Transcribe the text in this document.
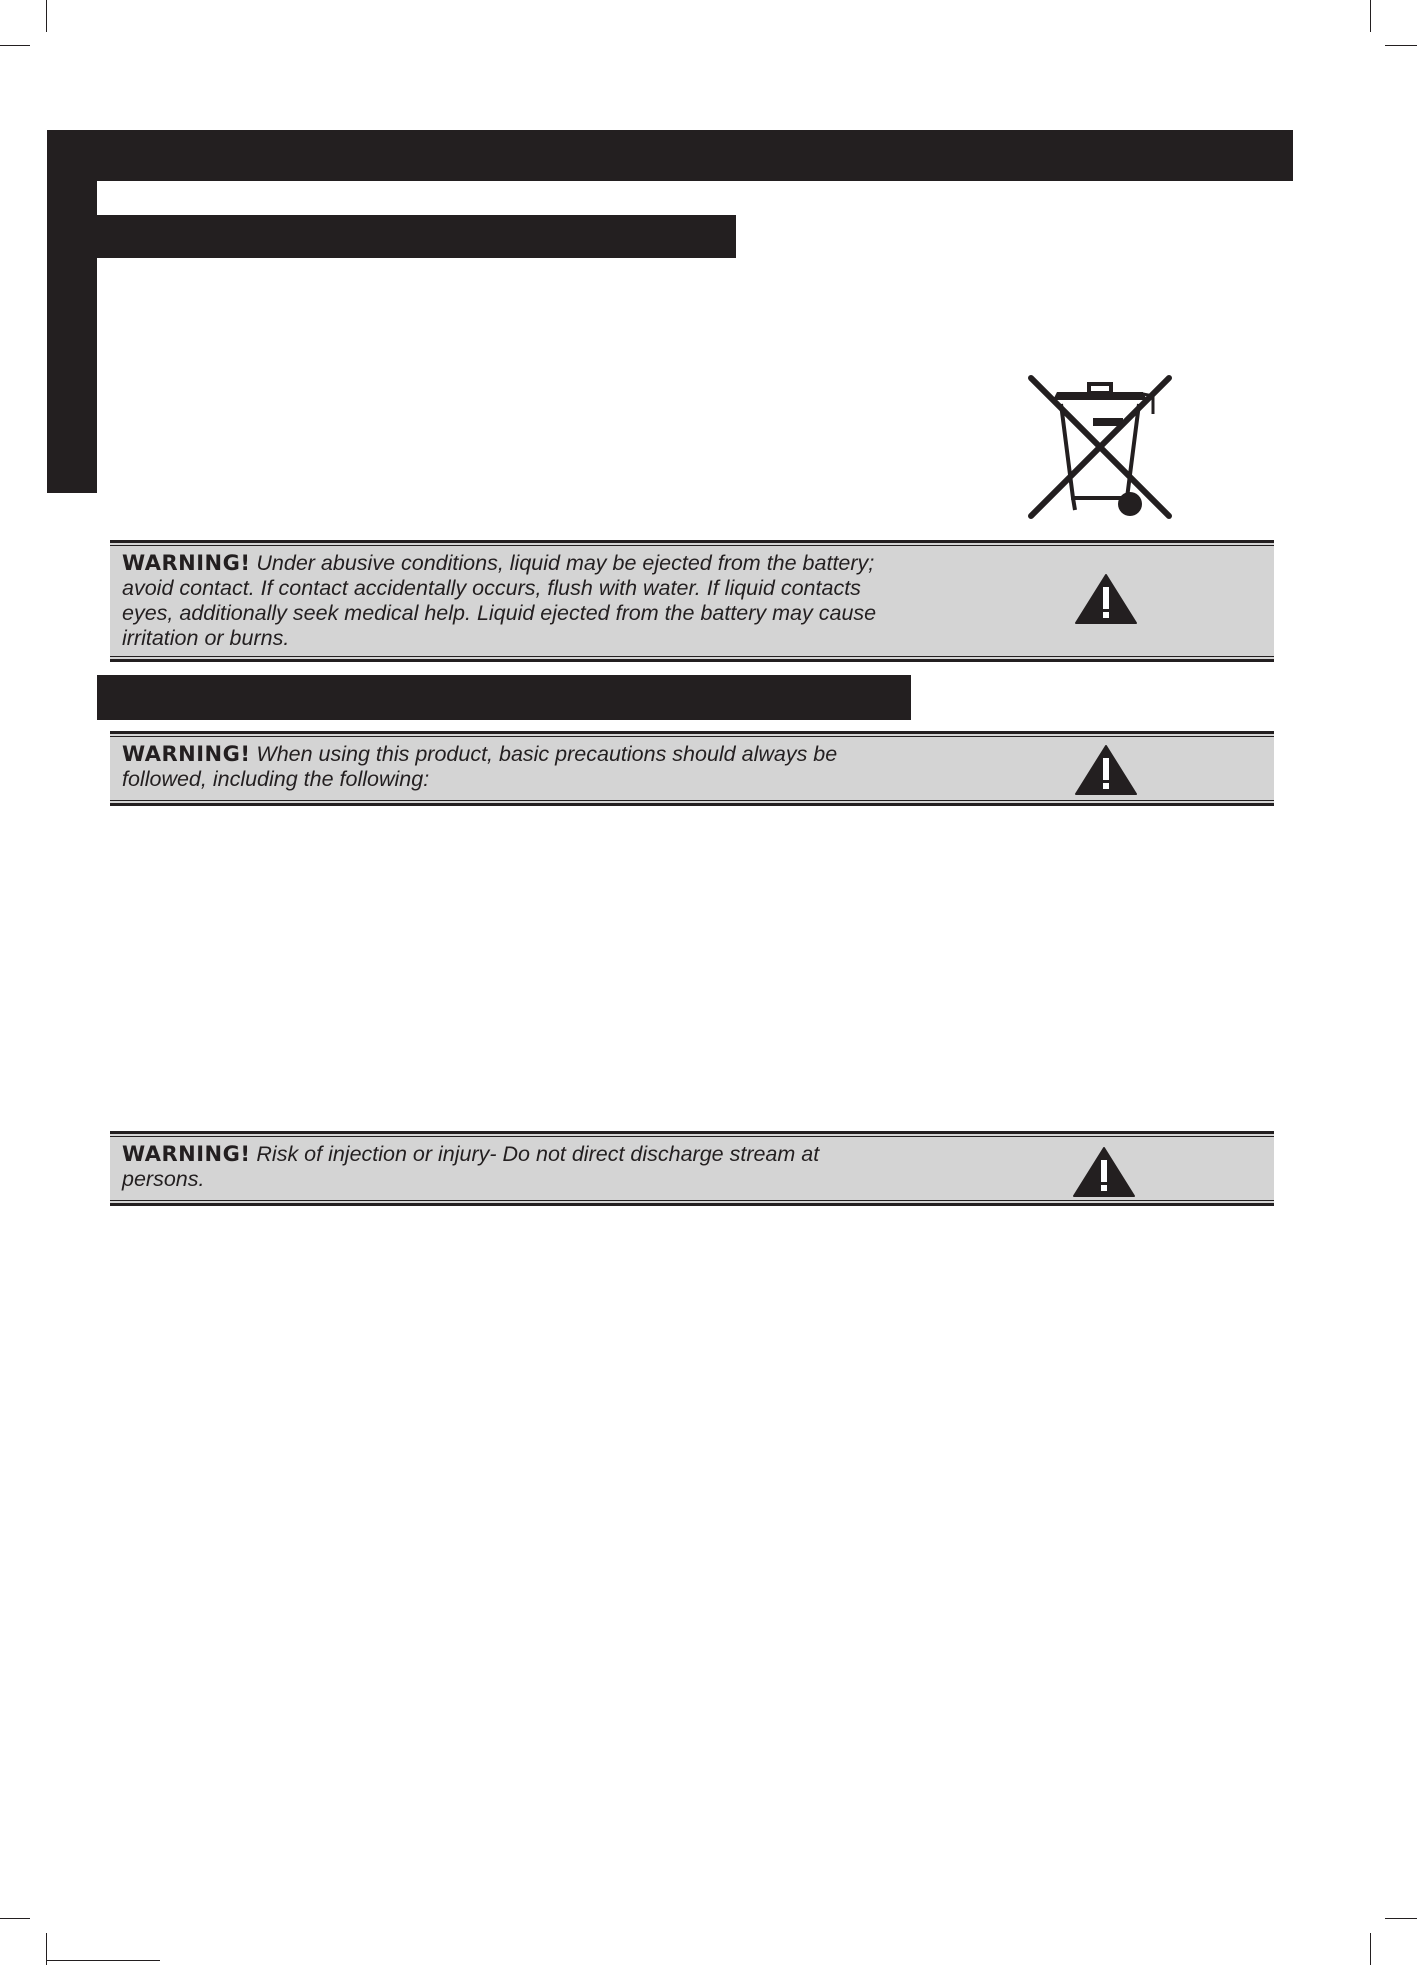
WARNING! Under abusive conditions, liquid may be ejected from the battery; avoid contact. If contact accidentally occurs, flush with water. If liquid contacts eyes, additionally seek medical help. Liquid ejected from the battery may cause irritation or burns.
WARNING! When using this product, basic precautions should always be followed, including the following:
WARNING! Risk of injection or injury- Do not direct discharge stream at persons.
